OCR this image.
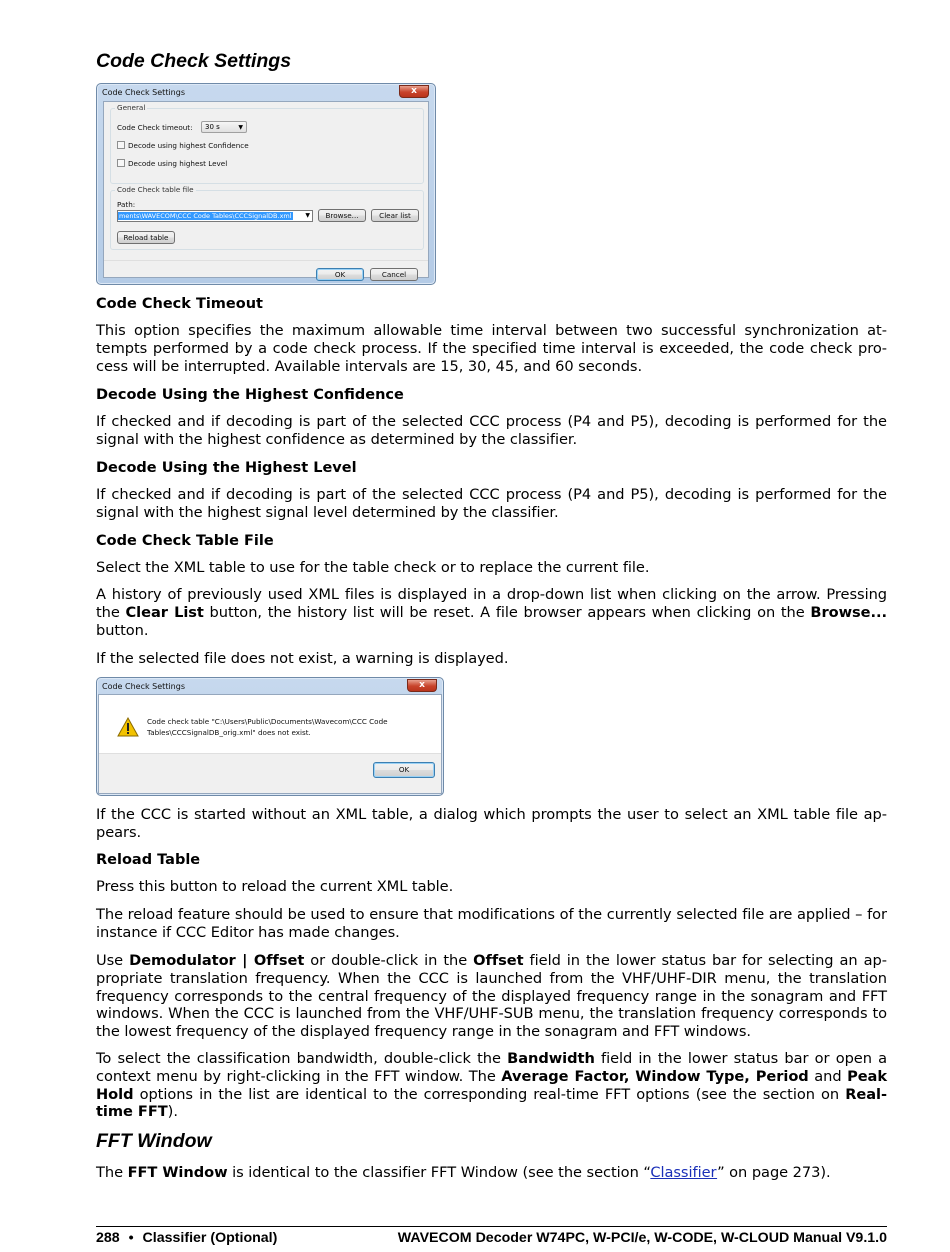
Code Check Settings
Code Check Settings	x
General
Code Check timeout:	30 s	▼
Decode using highest Confidence
Decode using highest Level
Code Check table file
Path:
ments\WAVECOM\CCC Code Tables\CCCSignalDB.xml ▼	Browse...	Clear list
Reload table
OK	Cancel
Code Check Timeout
This option specifies the maximum allowable time interval between two successful synchronization attempts performed by a code check process. If the specified time interval is exceeded, the code check process will be interrupted. Available intervals are 15, 30, 45, and 60 seconds.
Decode Using the Highest Confidence
If checked and if decoding is part of the selected CCC process (P4 and P5), decoding is performed for the signal with the highest confidence as determined by the classifier.
Decode Using the Highest Level
If checked and if decoding is part of the selected CCC process (P4 and P5), decoding is performed for the signal with the highest signal level determined by the classifier.
Code Check Table File
Select the XML table to use for the table check or to replace the current file.
A history of previously used XML files is displayed in a drop-down list when clicking on the arrow. Pressing the Clear List button, the history list will be reset. A file browser appears when clicking on the Browse... button.
If the selected file does not exist, a warning is displayed.
Code Check Settings	x
Code check table "C:\Users\Public\Documents\Wavecom\CCC Code
Tables\CCCSignalDB_orig.xml" does not exist.
OK
If the CCC is started without an XML table, a dialog which prompts the user to select an XML table file appears.
Reload Table
Press this button to reload the current XML table.
The reload feature should be used to ensure that modifications of the currently selected file are applied – for instance if CCC Editor has made changes.
Use Demodulator | Offset or double-click in the Offset field in the lower status bar for selecting an appropriate translation frequency. When the CCC is launched from the VHF/UHF-DIR menu, the translation frequency corresponds to the central frequency of the displayed frequency range in the sonagram and FFT windows. When the CCC is launched from the VHF/UHF-SUB menu, the translation frequency corresponds to the lowest frequency of the displayed frequency range in the sonagram and FFT windows.
To select the classification bandwidth, double-click the Bandwidth field in the lower status bar or open a context menu by right-clicking in the FFT window. The Average Factor, Window Type, Period and Peak Hold options in the list are identical to the corresponding real-time FFT options (see the section on Real-time FFT).
FFT Window
The FFT Window is identical to the classifier FFT Window (see the section “Classifier” on page 273).
288 • Classifier (Optional)	WAVECOM Decoder W74PC, W-PCI/e, W-CODE, W-CLOUD Manual V9.1.0
